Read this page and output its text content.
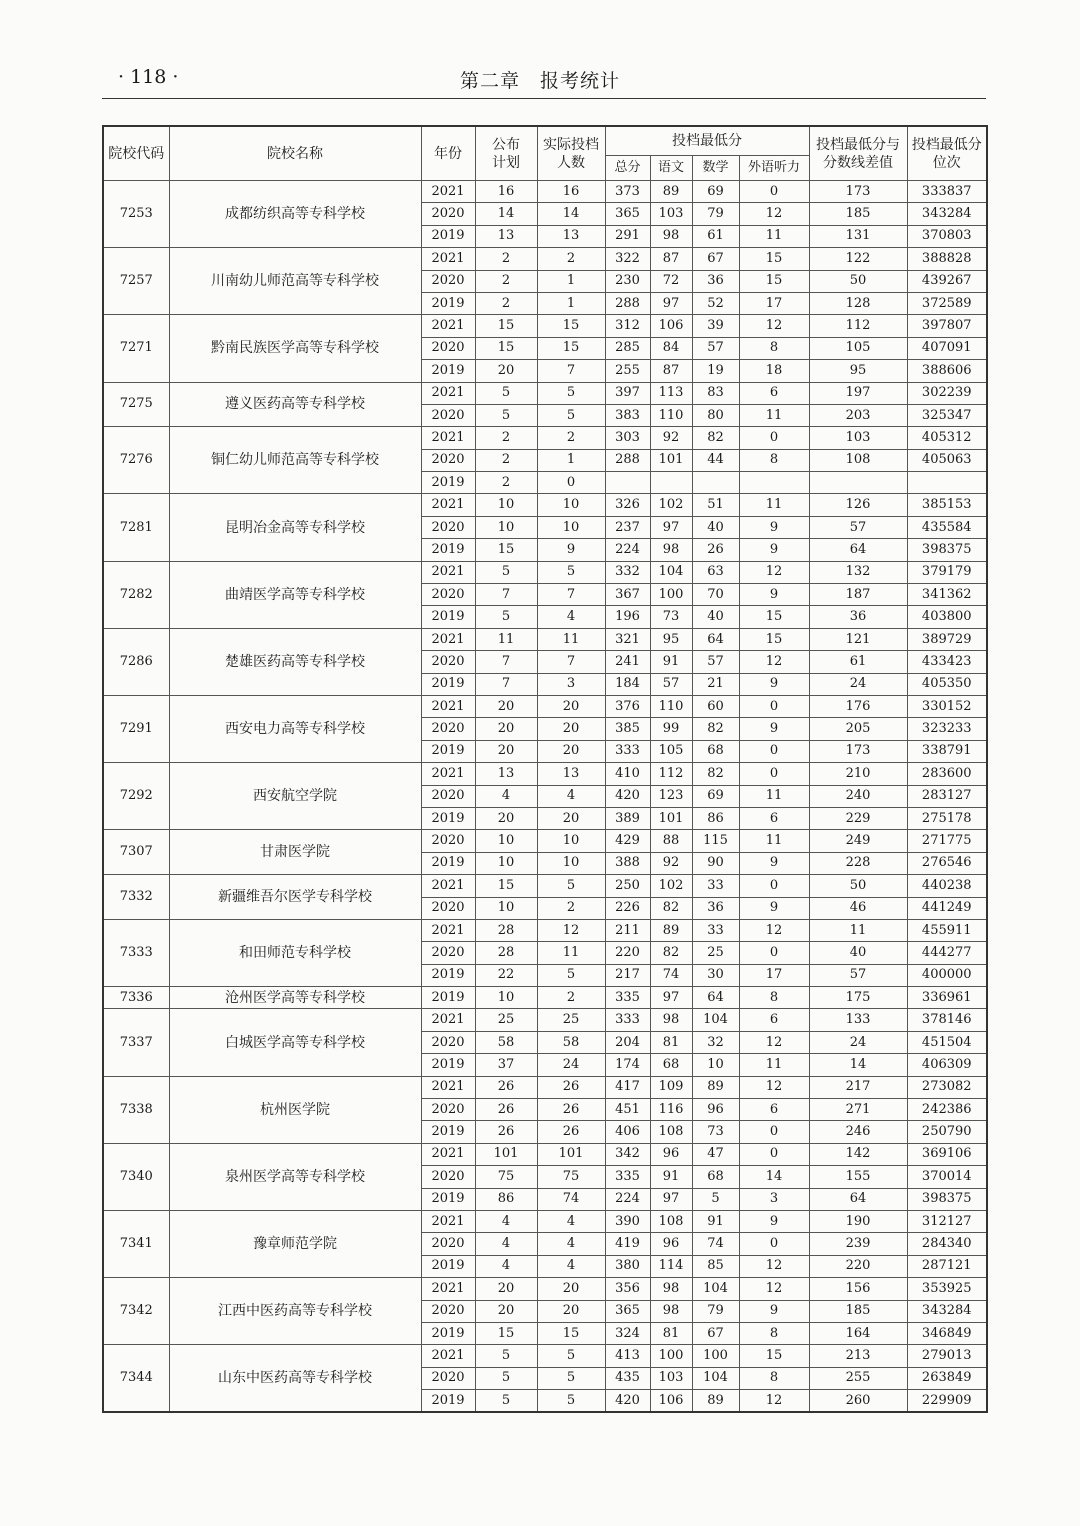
· 118 ·	第二章　报考统计
院校代码	院校名称	年份	公布计划	实际投档人数	投档最低分				投档最低分与分数线差值	投档最低分位次
					总分	语文	数学	外语听力		
7253	成都纺织高等专科学校	2021	16	16	373	89	69	0	173	333837
		2020	14	14	365	103	79	12	185	343284
		2019	13	13	291	98	61	11	131	370803
7257	川南幼儿师范高等专科学校	2021	2	2	322	87	67	15	122	388828
		2020	2	1	230	72	36	15	50	439267
		2019	2	1	288	97	52	17	128	372589
7271	黔南民族医学高等专科学校	2021	15	15	312	106	39	12	112	397807
		2020	15	15	285	84	57	8	105	407091
		2019	20	7	255	87	19	18	95	388606
7275	遵义医药高等专科学校	2021	5	5	397	113	83	6	197	302239
		2020	5	5	383	110	80	11	203	325347
7276	铜仁幼儿师范高等专科学校	2021	2	2	303	92	82	0	103	405312
		2020	2	1	288	101	44	8	108	405063
		2019	2	0						
7281	昆明冶金高等专科学校	2021	10	10	326	102	51	11	126	385153
		2020	10	10	237	97	40	9	57	435584
		2019	15	9	224	98	26	9	64	398375
7282	曲靖医学高等专科学校	2021	5	5	332	104	63	12	132	379179
		2020	7	7	367	100	70	9	187	341362
		2019	5	4	196	73	40	15	36	403800
7286	楚雄医药高等专科学校	2021	11	11	321	95	64	15	121	389729
		2020	7	7	241	91	57	12	61	433423
		2019	7	3	184	57	21	9	24	405350
7291	西安电力高等专科学校	2021	20	20	376	110	60	0	176	330152
		2020	20	20	385	99	82	9	205	323233
		2019	20	20	333	105	68	0	173	338791
7292	西安航空学院	2021	13	13	410	112	82	0	210	283600
		2020	4	4	420	123	69	11	240	283127
		2019	20	20	389	101	86	6	229	275178
7307	甘肃医学院	2020	10	10	429	88	115	11	249	271775
		2019	10	10	388	92	90	9	228	276546
7332	新疆维吾尔医学专科学校	2021	15	5	250	102	33	0	50	440238
		2020	10	2	226	82	36	9	46	441249
7333	和田师范专科学校	2021	28	12	211	89	33	12	11	455911
		2020	28	11	220	82	25	0	40	444277
		2019	22	5	217	74	30	17	57	400000
7336	沧州医学高等专科学校	2019	10	2	335	97	64	8	175	336961
7337	白城医学高等专科学校	2021	25	25	333	98	104	6	133	378146
		2020	58	58	204	81	32	12	24	451504
		2019	37	24	174	68	10	11	14	406309
7338	杭州医学院	2021	26	26	417	109	89	12	217	273082
		2020	26	26	451	116	96	6	271	242386
		2019	26	26	406	108	73	0	246	250790
7340	泉州医学高等专科学校	2021	101	101	342	96	47	0	142	369106
		2020	75	75	335	91	68	14	155	370014
		2019	86	74	224	97	5	3	64	398375
7341	豫章师范学院	2021	4	4	390	108	91	9	190	312127
		2020	4	4	419	96	74	0	239	284340
		2019	4	4	380	114	85	12	220	287121
7342	江西中医药高等专科学校	2021	20	20	356	98	104	12	156	353925
		2020	20	20	365	98	79	9	185	343284
		2019	15	15	324	81	67	8	164	346849
7344	山东中医药高等专科学校	2021	5	5	413	100	100	15	213	279013
		2020	5	5	435	103	104	8	255	263849
		2019	5	5	420	106	89	12	260	229909
